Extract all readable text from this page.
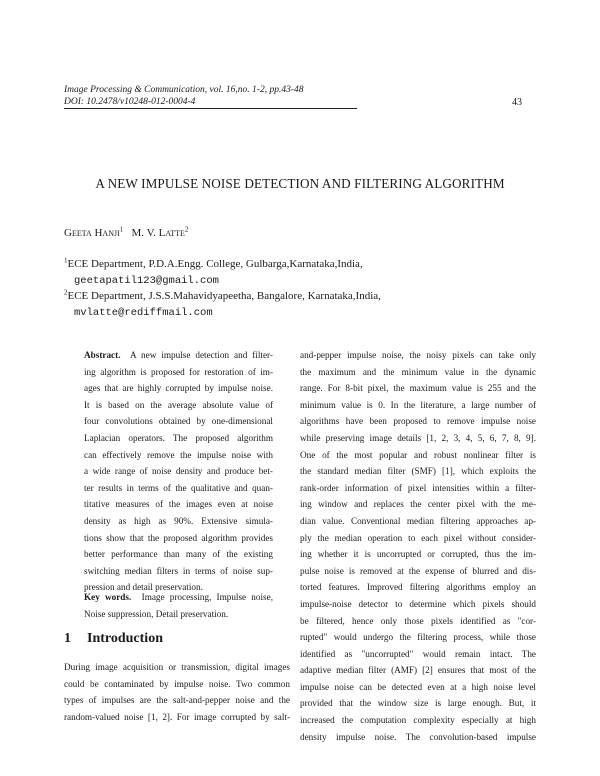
Image Processing & Communication, vol. 16,no. 1-2, pp.43-48
DOI: 10.2478/v10248-012-0004-4	43
A NEW IMPULSE NOISE DETECTION AND FILTERING ALGORITHM
Geeta Hanji$^1$ M. V. Latte$^2$
$^1$ECE Department, P.D.A.Engg. College, Gulbarga,Karnataka,India,
geetapatil123@gmail.com
$^2$ECE Department, J.S.S.Mahavidyapeetha, Bangalore, Karnataka,India,
mvlatte@rediffmail.com
Abstract. A new impulse detection and filter-
ing algorithm is proposed for restoration of im-
ages that are highly corrupted by impulse noise.
It is based on the average absolute value of
four convolutions obtained by one-dimensional
Laplacian operators. The proposed algorithm
can effectively remove the impulse noise with
a wide range of noise density and produce bet-
ter results in terms of the qualitative and quan-
titative measures of the images even at noise
density as high as 90%. Extensive simula-
tions show that the proposed algorithm provides
better performance than many of the existing
switching median filters in terms of noise sup-
pression and detail preservation.
Key words. Image processing, Impulse noise,
Noise suppression, Detail preservation.
1 Introduction
During image acquisition or transmission, digital images
could be contaminated by impulse noise. Two common
types of impulses are the salt-and-pepper noise and the
random-valued noise [1, 2]. For image corrupted by salt-
and-pepper impulse noise, the noisy pixels can take only
the maximum and the minimum value in the dynamic
range. For 8-bit pixel, the maximum value is 255 and the
minimum value is 0. In the literature, a large number of
algorithms have been proposed to remove impulse noise
while preserving image details [1, 2, 3, 4, 5, 6, 7, 8, 9].
One of the most popular and robust nonlinear filter is
the standard median filter (SMF) [1], which exploits the
rank-order information of pixel intensities within a filter-
ing window and replaces the center pixel with the me-
dian value. Conventional median filtering approaches ap-
ply the median operation to each pixel without consider-
ing whether it is uncorrupted or corrupted, thus the im-
pulse noise is removed at the expense of blurred and dis-
torted features. Improved filtering algorithms employ an
impulse-noise detector to determine which pixels should
be filtered, hence only those pixels identified as "cor-
rupted" would undergo the filtering process, while those
identified as "uncorrupted" would remain intact. The
adaptive median filter (AMF) [2] ensures that most of the
impulse noise can be detected even at a high noise level
provided that the window size is large enough. But, it
increased the computation complexity especially at high
density impulse noise. The convolution-based impulse
